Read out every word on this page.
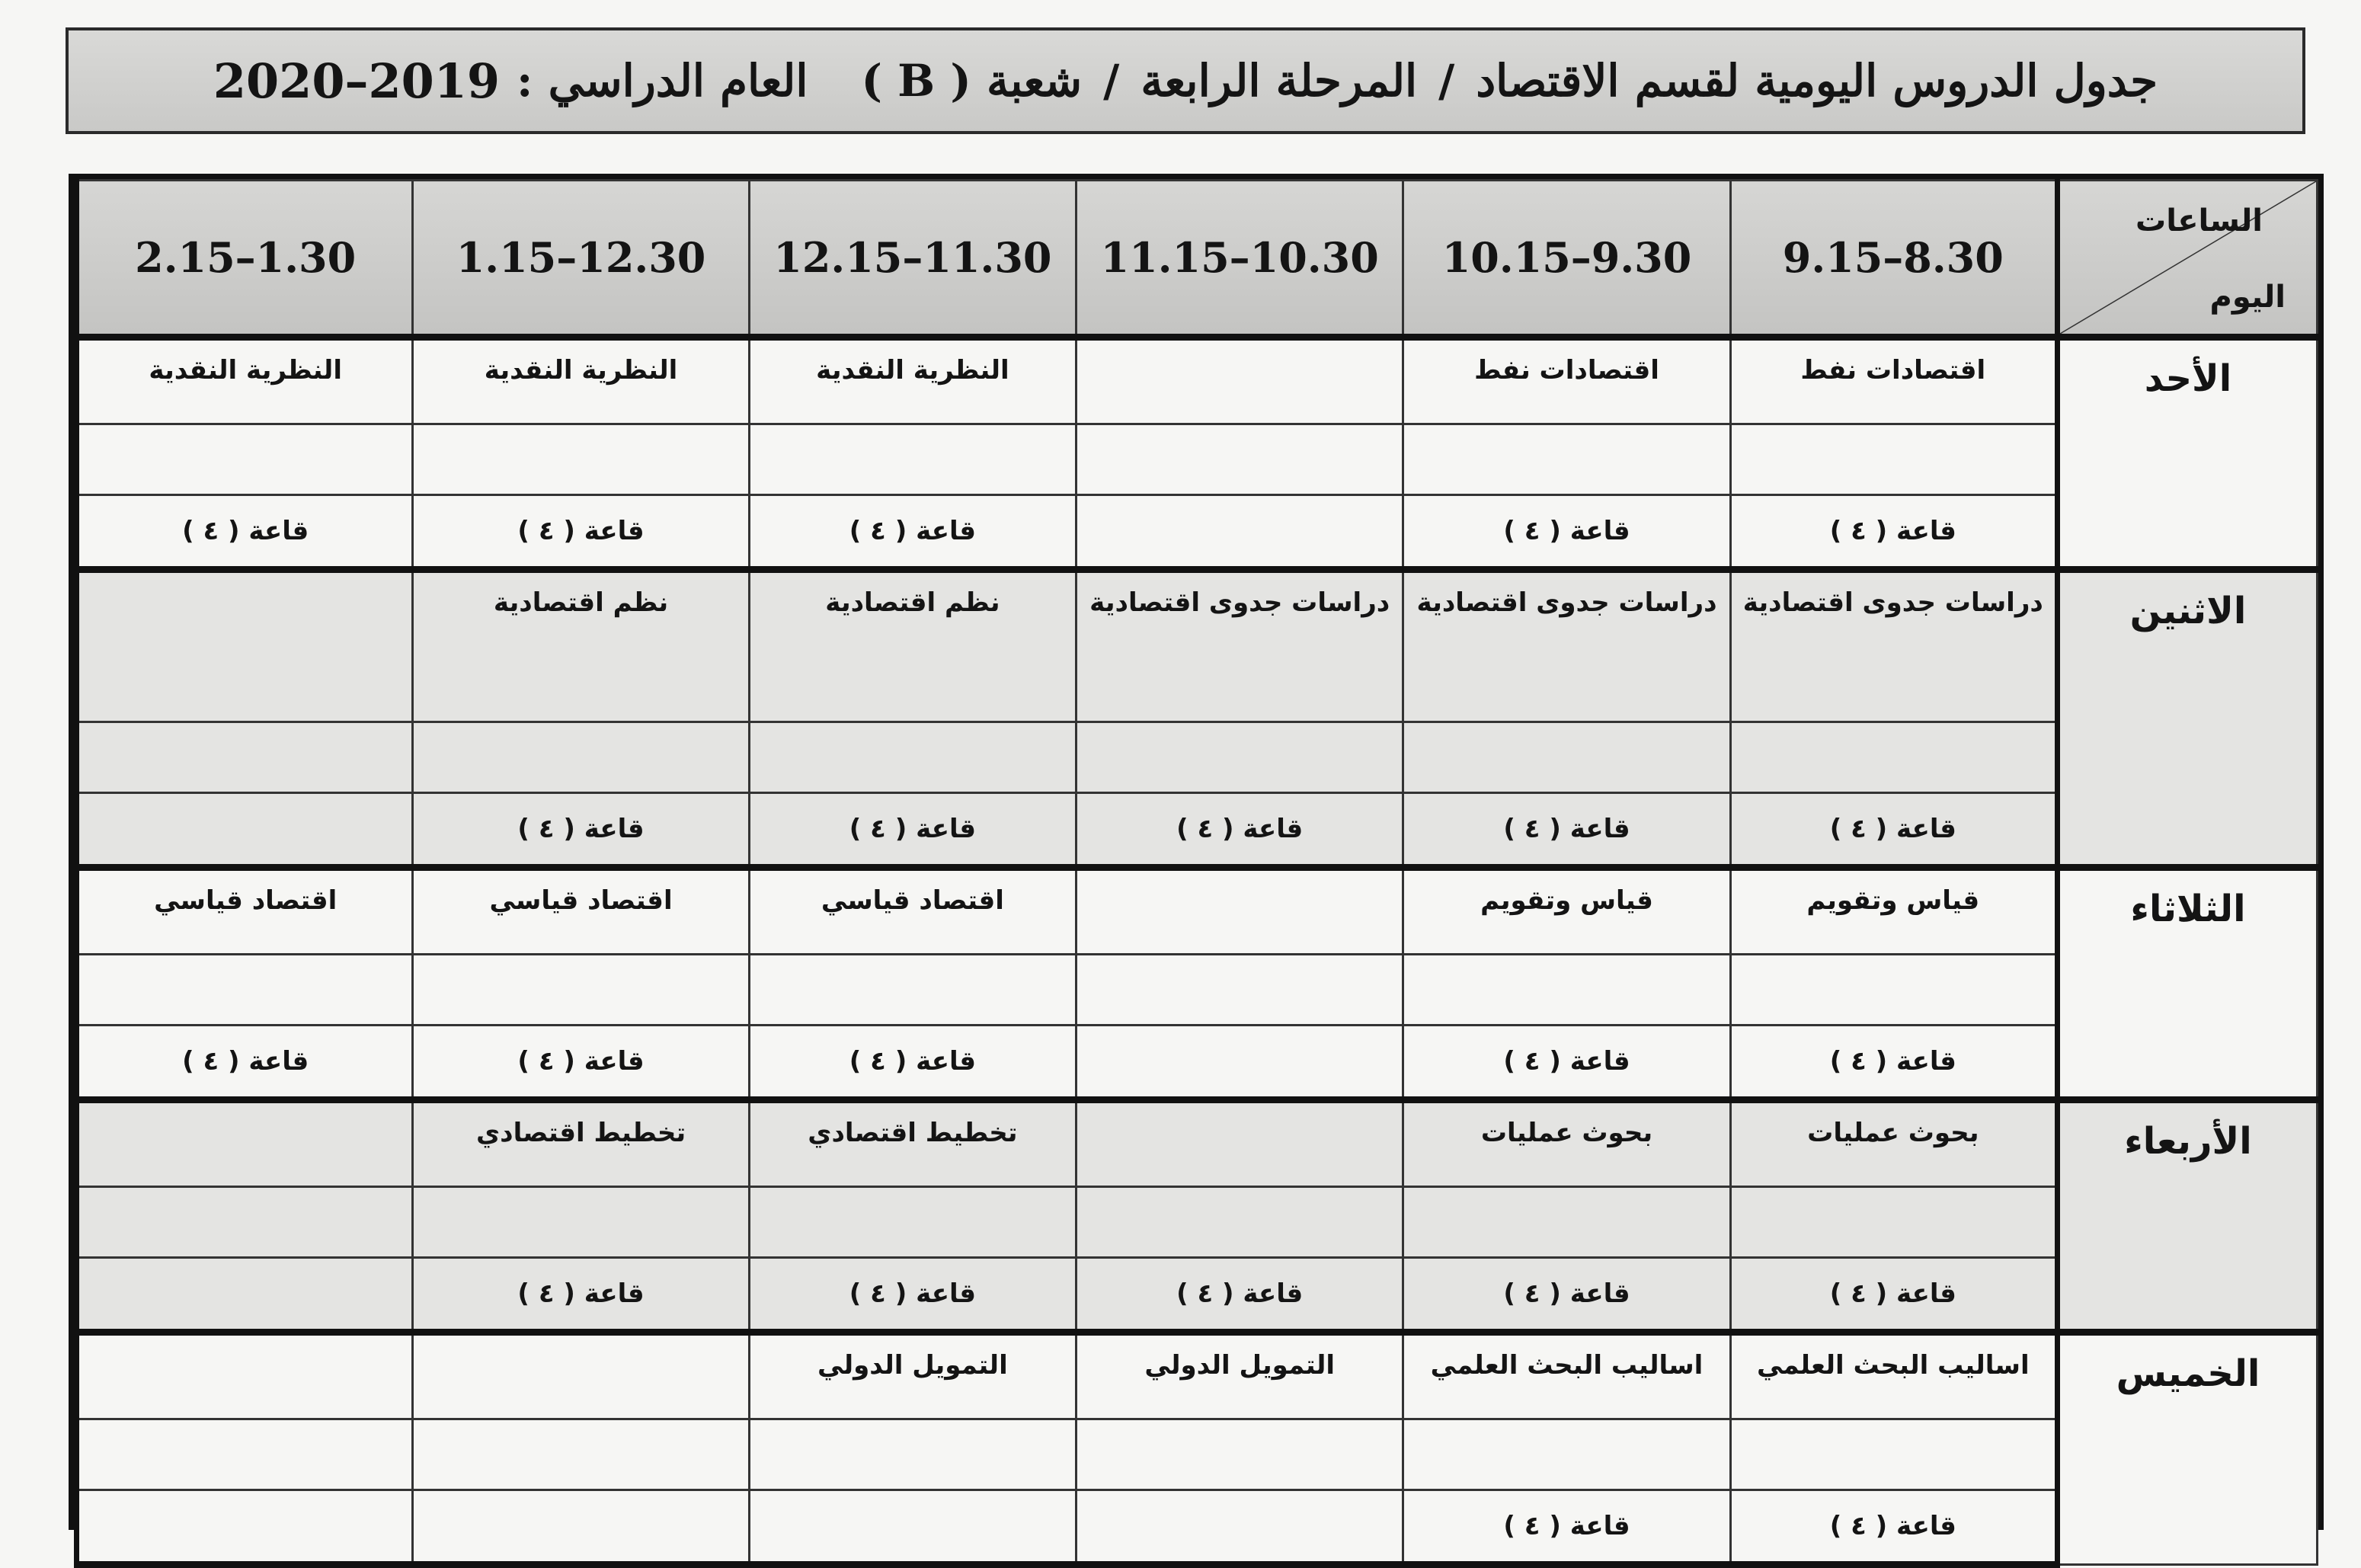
جدول الدروس اليومية لقسم الاقتصاد
/
المرحلة الرابعة
/
شعبة ( B )
العام الدراسي :
2020–2019
الساعات
اليوم	9.15–8.30	10.15–9.30	11.15–10.30	12.15–11.30	1.15–12.30	2.15–1.30
الأحد	اقتصادات نفط	اقتصادات نفط		النظرية النقدية	النظرية النقدية	النظرية النقدية

	قاعة ( ٤ )	قاعة ( ٤ )		قاعة ( ٤ )	قاعة ( ٤ )	قاعة ( ٤ )
الاثنين	دراسات جدوى اقتصادية	دراسات جدوى اقتصادية	دراسات جدوى اقتصادية	نظم اقتصادية	نظم اقتصادية	

	قاعة ( ٤ )	قاعة ( ٤ )	قاعة ( ٤ )	قاعة ( ٤ )	قاعة ( ٤ )	
الثلاثاء	قياس وتقويم	قياس وتقويم		اقتصاد قياسي	اقتصاد قياسي	اقتصاد قياسي

	قاعة ( ٤ )	قاعة ( ٤ )		قاعة ( ٤ )	قاعة ( ٤ )	قاعة ( ٤ )
الأربعاء	بحوث عمليات	بحوث عمليات		تخطيط اقتصادي	تخطيط اقتصادي	

	قاعة ( ٤ )	قاعة ( ٤ )	قاعة ( ٤ )	قاعة ( ٤ )	قاعة ( ٤ )	
الخميس	اساليب البحث العلمي	اساليب البحث العلمي	التمويل الدولي	التمويل الدولي		

	قاعة ( ٤ )	قاعة ( ٤ )				
